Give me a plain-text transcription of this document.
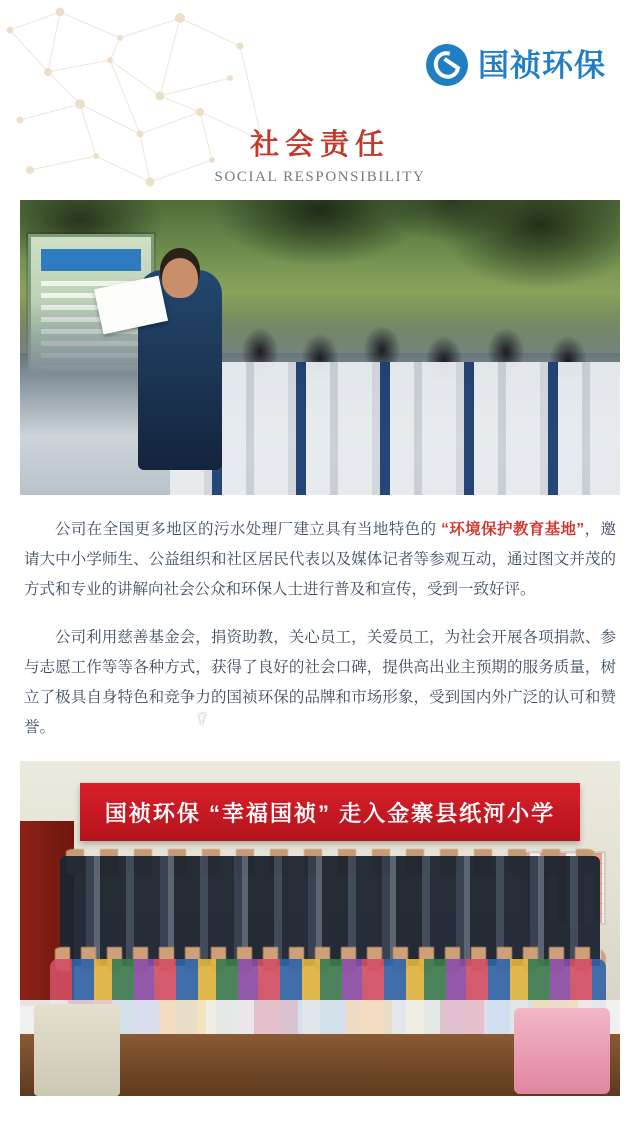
国祯环保
社会责任
SOCIAL RESPONSIBILITY

公司在全国更多地区的污水处理厂建立具有当地特色的 “环境保护教育基地”，邀请大中小学师生、公益组织和社区居民代表以及媒体记者等参观互动，通过图文并茂的方式和专业的讲解向社会公众和环保人士进行普及和宣传，受到一致好评。

公司利用慈善基金会，捐资助教，关心员工，关爱员工，为社会开展各项捐款、参与志愿工作等等各种方式，获得了良好的社会口碑，提供高出业主预期的服务质量，树立了极具自身特色和竞争力的国祯环保的品牌和市场形象，受到国内外广泛的认可和赞誉。

国祯环保 “幸福国祯” 走入金寨县纸河小学
